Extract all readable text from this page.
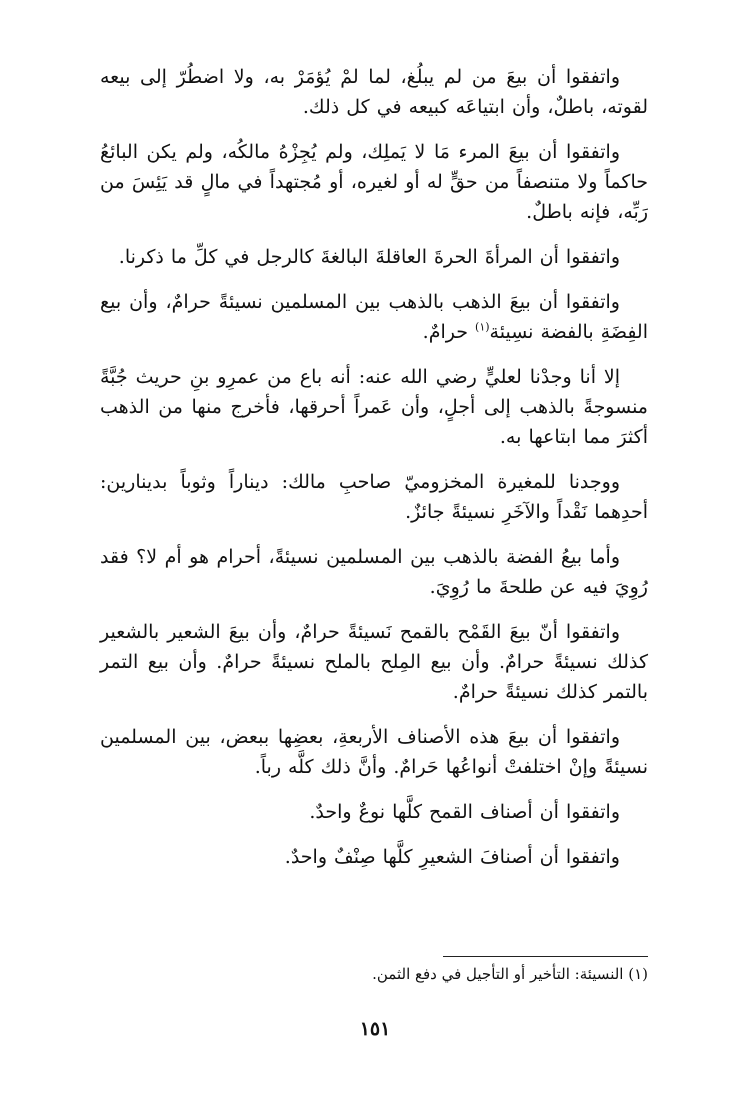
واتفقوا أن بيعَ من لم يبلُغ، لما لمْ يُؤمَرْ به، ولا اضطُرّ إلى بيعه لقوته، باطلٌ، وأن ابتياعَه كبيعه في كل ذلك.

واتفقوا أن بيعَ المرء مَا لا يَملِك، ولم يُجِزْهُ مالكُه، ولم يكن البائعُ حاكماً ولا متنصفاً من حقٍّ له أو لغيره، أو مُجتهداً في مالٍ قد يَئِسَ من رَبِّه، فإنه باطلٌ.

واتفقوا أن المرأةَ الحرةَ العاقلةَ البالغةَ كالرجل في كلِّ ما ذكرنا.

واتفقوا أن بيعَ الذهب بالذهب بين المسلمين نسيئةً حرامٌ، وأن بيع الفِضَةِ بالفضة نسِيئة$^{(١)}$ حرامٌ.

إلا أنا وجدْنا لعليٍّ رضي الله عنه: أنه باع من عمرِو بنِ حريث جُبَّةً منسوجةً بالذهب إلى أجلٍ، وأن عَمراً أحرقها، فأخرج منها من الذهب أكثرَ مما ابتاعها به.

ووجدنا للمغيرة المخزوميّ صاحبِ مالك: ديناراً وثوباً بدينارين: أحدِهما نَقْداً والآخَرِ نسيئةً جائزٌ.

وأما بيعُ الفضة بالذهب بين المسلمين نسيئةً، أحرام هو أم لا؟ فقد رُوِيَ فيه عن طلحةَ ما رُوِيَ.

واتفقوا أنّ بيعَ القَمْح بالقمح نَسيئةً حرامٌ، وأن بيعَ الشعير بالشعير كذلك نسيئةً حرامٌ. وأن بيع المِلح بالملح نسيئةً حرامٌ. وأن بيع التمر بالتمر كذلك نسيئةً حرامٌ.

واتفقوا أن بيعَ هذه الأصناف الأربعةِ، بعضِها ببعض، بين المسلمين نسيئةً وإنْ اختلفتْ أنواعُها حَرامٌ. وأنَّ ذلك كلَّه رباً.

واتفقوا أن أصناف القمح كلَّها نوعٌ واحدٌ.

واتفقوا أن أصنافَ الشعيرِ كلَّها صِنْفٌ واحدٌ.

(١) النسيئة: التأخير أو التأجيل في دفع الثمن.
١٥١
